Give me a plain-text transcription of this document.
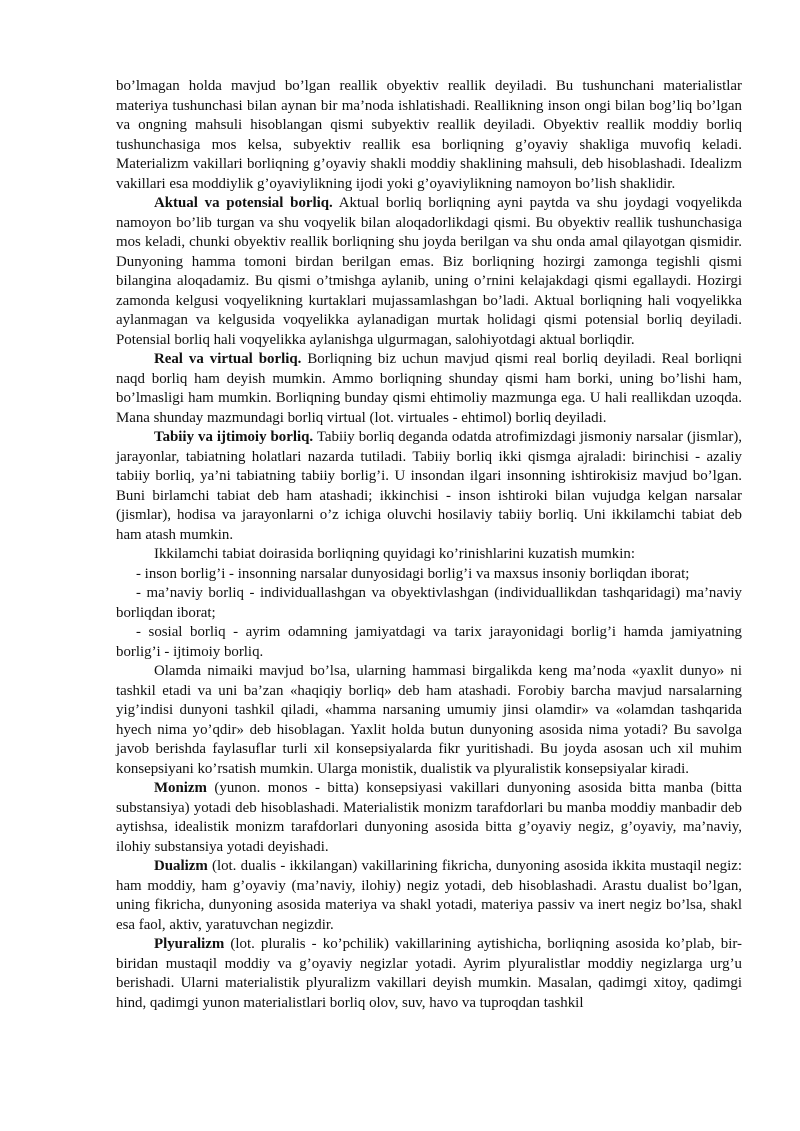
bo’lmagan holda mavjud bo’lgan reallik obyektiv reallik deyiladi. Bu tushunchani materialistlar materiya tushunchasi bilan aynan bir ma’noda ishlatishadi. Reallikning inson ongi bilan bog’liq bo’lgan va ongning mahsuli hisoblangan qismi subyektiv reallik deyiladi. Obyektiv reallik moddiy borliq tushunchasiga mos kelsa, subyektiv reallik esa borliqning g’oyaviy shakliga muvofiq keladi. Materializm vakillari borliqning g’oyaviy shakli moddiy shaklining mahsuli, deb hisoblashadi. Idealizm vakillari esa moddiylik g’oyaviylikning ijodi yoki g’oyaviylikning namoyon bo’lish shaklidir.

Aktual va potensial borliq. Aktual borliq borliqning ayni paytda va shu joydagi voqyelikda namoyon bo’lib turgan va shu voqyelik bilan aloqadorlikdagi qismi. Bu obyektiv reallik tushunchasiga mos keladi, chunki obyektiv reallik borliqning shu joyda berilgan va shu onda amal qilayotgan qismidir. Dunyoning hamma tomoni birdan berilgan emas. Biz borliqning hozirgi zamonga tegishli qismi bilangina aloqadamiz. Bu qismi o’tmishga aylanib, uning o’rnini kelajakdagi qismi egallaydi. Hozirgi zamonda kelgusi voqyelikning kurtaklari mujassamlashgan bo’ladi. Aktual borliqning hali voqyelikka aylanmagan va kelgusida voqyelikka aylanadigan murtak holidagi qismi potensial borliq deyiladi. Potensial borliq hali voqyelikka aylanishga ulgurmagan, salohiyotdagi aktual borliqdir.

Real va virtual borliq. Borliqning biz uchun mavjud qismi real borliq deyiladi. Real borliqni naqd borliq ham deyish mumkin. Ammo borliqning shunday qismi ham borki, uning bo’lishi ham, bo’lmasligi ham mumkin. Borliqning bunday qismi ehtimoliy mazmunga ega. U hali reallikdan uzoqda. Mana shunday mazmundagi borliq virtual (lot. virtuales - ehtimol) borliq deyiladi.

Tabiiy va ijtimoiy borliq. Tabiiy borliq deganda odatda atrofimizdagi jismoniy narsalar (jismlar), jarayonlar, tabiatning holatlari nazarda tutiladi. Tabiiy borliq ikki qismga ajraladi: birinchisi - azaliy tabiiy borliq, ya’ni tabiatning tabiiy borlig’i. U insondan ilgari insonning ishtirokisiz mavjud bo’lgan. Buni birlamchi tabiat deb ham atashadi; ikkinchisi - inson ishtiroki bilan vujudga kelgan narsalar (jismlar), hodisa va jarayonlarni o’z ichiga oluvchi hosilaviy tabiiy borliq. Uni ikkilamchi tabiat deb ham atash mumkin.

Ikkilamchi tabiat doirasida borliqning quyidagi ko’rinishlarini kuzatish mumkin:

- inson borlig’i - insonning narsalar dunyosidagi borlig’i va maxsus insoniy borliqdan iborat;

- ma’naviy borliq - individuallashgan va obyektivlashgan (individuallikdan tashqaridagi) ma’naviy borliqdan iborat;

- sosial borliq - ayrim odamning jamiyatdagi va tarix jarayonidagi borlig’i hamda jamiyatning borlig’i - ijtimoiy borliq.

Olamda nimaiki mavjud bo’lsa, ularning hammasi birgalikda keng ma’noda «yaxlit dunyo» ni tashkil etadi va uni ba’zan «haqiqiy borliq» deb ham atashadi. Forobiy barcha mavjud narsalarning yig’indisi dunyoni tashkil qiladi, «hamma narsaning umumiy jinsi olamdir» va «olamdan tashqarida hyech nima yo’qdir» deb hisoblagan. Yaxlit holda butun dunyoning asosida nima yotadi? Bu savolga javob berishda faylasuflar turli xil konsepsiyalarda fikr yuritishadi. Bu joyda asosan uch xil muhim konsepsiyani ko’rsatish mumkin. Ularga monistik, dualistik va plyuralistik konsepsiyalar kiradi.

Monizm (yunon. monos - bitta) konsepsiyasi vakillari dunyoning asosida bitta manba (bitta substansiya) yotadi deb hisoblashadi. Materialistik monizm tarafdorlari bu manba moddiy manbadir deb aytishsa, idealistik monizm tarafdorlari dunyoning asosida bitta g’oyaviy negiz, g’oyaviy, ma’naviy, ilohiy substansiya yotadi deyishadi.

Dualizm (lot. dualis - ikkilangan) vakillarining fikricha, dunyoning asosida ikkita mustaqil negiz: ham moddiy, ham g’oyaviy (ma’naviy, ilohiy) negiz yotadi, deb hisoblashadi. Arastu dualist bo’lgan, uning fikricha, dunyoning asosida materiya va shakl yotadi, materiya passiv va inert negiz bo’lsa, shakl esa faol, aktiv, yaratuvchan negizdir.

Plyuralizm (lot. pluralis - ko’pchilik) vakillarining aytishicha, borliqning asosida ko’plab, bir-biridan mustaqil moddiy va g’oyaviy negizlar yotadi. Ayrim plyuralistlar moddiy negizlarga urg’u berishadi. Ularni materialistik plyuralizm vakillari deyish mumkin. Masalan, qadimgi xitoy, qadimgi hind, qadimgi yunon materialistlari borliq olov, suv, havo va tuproqdan tashkil
